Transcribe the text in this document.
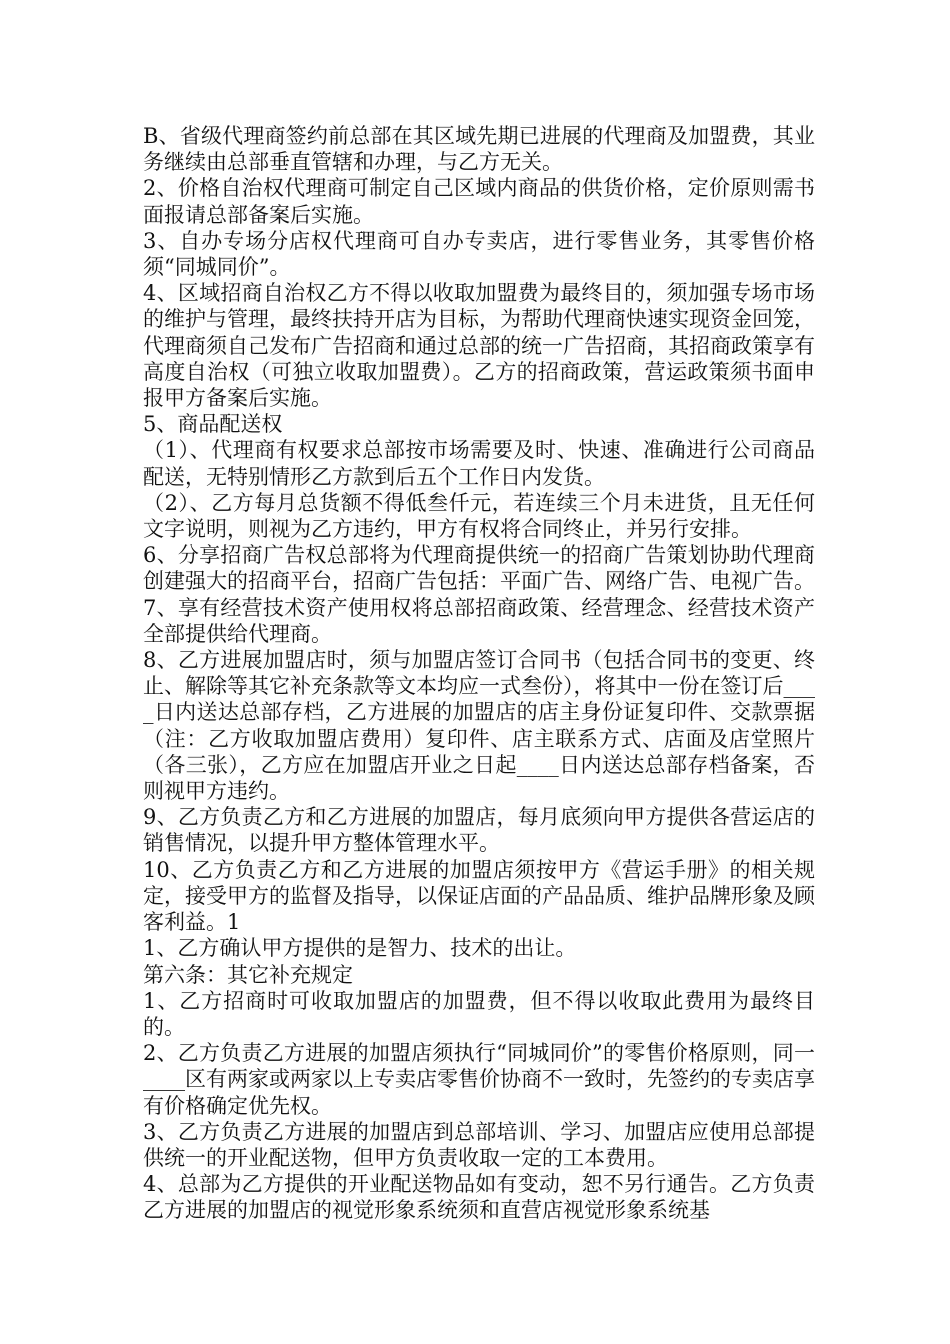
B、省级代理商签约前总部在其区域先期已进展的代理商及加盟费，其业务继续由总部垂直管辖和办理，与乙方无关。

2、价格自治权代理商可制定自己区域内商品的供货价格，定价原则需书面报请总部备案后实施。

3、自办专场分店权代理商可自办专卖店，进行零售业务，其零售价格须“同城同价”。

4、区域招商自治权乙方不得以收取加盟费为最终目的，须加强专场市场的维护与管理，最终扶持开店为目标，为帮助代理商快速实现资金回笼，代理商须自己发布广告招商和通过总部的统一广告招商，其招商政策享有高度自治权（可独立收取加盟费）。乙方的招商政策，营运政策须书面申报甲方备案后实施。

5、商品配送权

（1）、代理商有权要求总部按市场需要及时、快速、准确进行公司商品配送，无特别情形乙方款到后五个工作日内发货。

（2）、乙方每月总货额不得低叁仟元，若连续三个月未进货，且无任何文字说明，则视为乙方违约，甲方有权将合同终止，并另行安排。

6、分享招商广告权总部将为代理商提供统一的招商广告策划协助代理商创建强大的招商平台，招商广告包括：平面广告、网络广告、电视广告。

7、享有经营技术资产使用权将总部招商政策、经营理念、经营技术资产全部提供给代理商。

8、乙方进展加盟店时，须与加盟店签订合同书（包括合同书的变更、终止、解除等其它补充条款等文本均应一式叁份），将其中一份在签订后____日内送达总部存档，乙方进展的加盟店的店主身份证复印件、交款票据（注：乙方收取加盟店费用）复印件、店主联系方式、店面及店堂照片（各三张），乙方应在加盟店开业之日起____日内送达总部存档备案，否则视甲方违约。

9、乙方负责乙方和乙方进展的加盟店，每月底须向甲方提供各营运店的销售情况，以提升甲方整体管理水平。

10、乙方负责乙方和乙方进展的加盟店须按甲方《营运手册》的相关规定，接受甲方的监督及指导，以保证店面的产品品质、维护品牌形象及顾客利益。1

1、乙方确认甲方提供的是智力、技术的出让。

第六条：其它补充规定

1、乙方招商时可收取加盟店的加盟费，但不得以收取此费用为最终目的。

2、乙方负责乙方进展的加盟店须执行“同城同价”的零售价格原则，同一____区有两家或两家以上专卖店零售价协商不一致时，先签约的专卖店享有价格确定优先权。

3、乙方负责乙方进展的加盟店到总部培训、学习、加盟店应使用总部提供统一的开业配送物，但甲方负责收取一定的工本费用。

4、总部为乙方提供的开业配送物品如有变动，恕不另行通告。乙方负责乙方进展的加盟店的视觉形象系统须和直营店视觉形象系统基
